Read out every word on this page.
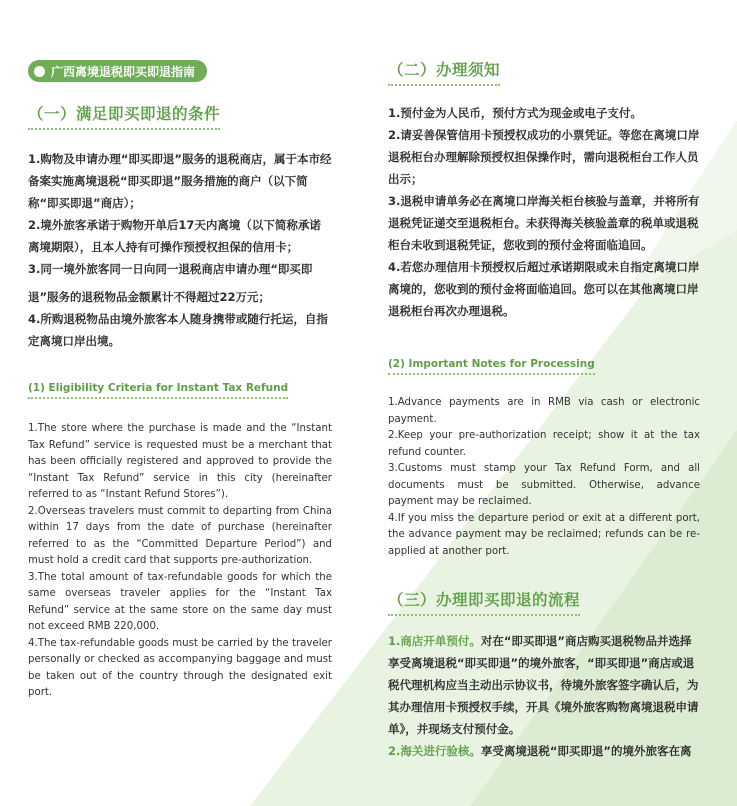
广西离境退税即买即退指南
（一）满足即买即退的条件

1.购物及申请办理“即买即退”服务的退税商店，属于本市经备案实施离境退税“即买即退”服务措施的商户（以下简称“即买即退”商店）；

2.境外旅客承诺于购物开单后17天内离境（以下简称承诺离境期限），且本人持有可操作预授权担保的信用卡；

3.同一境外旅客同一日向同一退税商店申请办理“即买即

退”服务的退税物品金额累计不得超过22万元；

4.所购退税物品由境外旅客本人随身携带或随行托运，自指定离境口岸出境。

(1) Eligibility Criteria for Instant Tax Refund

1.The store where the purchase is made and the “Instant Tax Refund” service is requested must be a merchant that has been officially registered and approved to provide the “Instant Tax Refund” service in this city (hereinafter referred to as “Instant Refund Stores”).

2.Overseas travelers must commit to departing from China within 17 days from the date of purchase (hereinafter referred to as the “Committed Departure Period”) and must hold a credit card that supports pre-authorization.

3.The total amount of tax-refundable goods for which the same overseas traveler applies for the “Instant Tax Refund” service at the same store on the same day must not exceed RMB 220,000.

4.The tax-refundable goods must be carried by the traveler personally or checked as accompanying baggage and must be taken out of the country through the designated exit port.

（二）办理须知

1.预付金为人民币，预付方式为现金或电子支付。

2.请妥善保管信用卡预授权成功的小票凭证。等您在离境口岸退税柜台办理解除预授权担保操作时，需向退税柜台工作人员出示；

3.退税申请单务必在离境口岸海关柜台核验与盖章，并将所有退税凭证递交至退税柜台。未获得海关核验盖章的税单或退税柜台未收到退税凭证，您收到的预付金将面临追回。

4.若您办理信用卡预授权后超过承诺期限或未自指定离境口岸离境的，您收到的预付金将面临追回。您可以在其他离境口岸退税柜台再次办理退税。

(2) Important Notes for Processing

1.Advance payments are in RMB via cash or electronic payment.

2.Keep your pre-authorization receipt; show it at the tax refund counter.

3.Customs must stamp your Tax Refund Form, and all documents must be submitted. Otherwise, advance payment may be reclaimed.

4.If you miss the departure period or exit at a different port, the advance payment may be reclaimed; refunds can be re-applied at another port.

（三）办理即买即退的流程

1.商店开单预付。对在“即买即退”商店购买退税物品并选择享受离境退税“即买即退”的境外旅客，“即买即退”商店或退税代理机构应当主动出示协议书，待境外旅客签字确认后，为其办理信用卡预授权手续，开具《境外旅客购物离境退税申请单》，并现场支付预付金。

2.海关进行验核。享受离境退税“即买即退”的境外旅客在离
